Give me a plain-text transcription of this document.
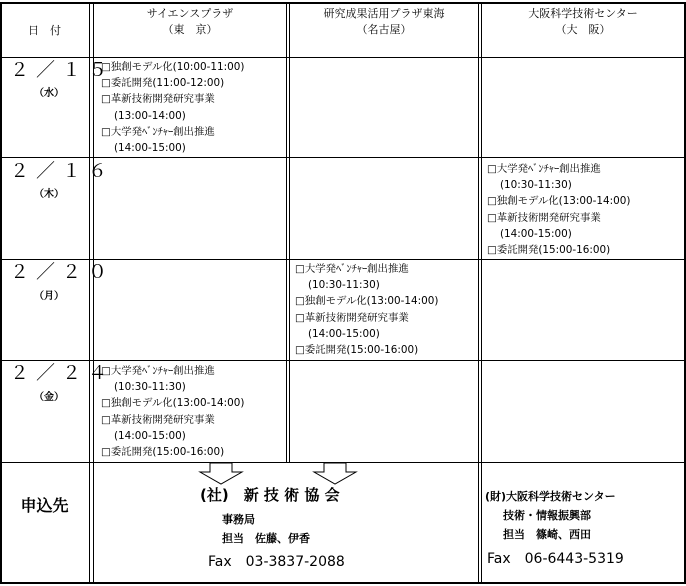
日　付
サイエンスプラザ
（東　京）
研究成果活用プラザ東海
（名古屋）
大阪科学技術センター
（大　阪）
２／１５
（水）
□独創モデル化(10:00-11:00)
□委託開発(11:00-12:00)
□革新技術開発研究事業
(13:00-14:00)
□大学発ﾍﾞﾝﾁｬｰ創出推進
(14:00-15:00)
２／１６
（木）
□大学発ﾍﾞﾝﾁｬｰ創出推進
(10:30-11:30)
□独創モデル化(13:00-14:00)
□革新技術開発研究事業
(14:00-15:00)
□委託開発(15:00-16:00)
２／２０
（月）
□大学発ﾍﾞﾝﾁｬｰ創出推進
(10:30-11:30)
□独創モデル化(13:00-14:00)
□革新技術開発研究事業
(14:00-15:00)
□委託開発(15:00-16:00)
２／２４
（金）
□大学発ﾍﾞﾝﾁｬｰ創出推進
(10:30-11:30)
□独創モデル化(13:00-14:00)
□革新技術開発研究事業
(14:00-15:00)
□委託開発(15:00-16:00)
申込先
(社)　新 技 術 協 会
事務局
担当　佐藤、伊香
Fax　03-3837-2088
(財)大阪科学技術センター
技術・情報振興部
担当　篠崎、西田
Fax　06-6443-5319
